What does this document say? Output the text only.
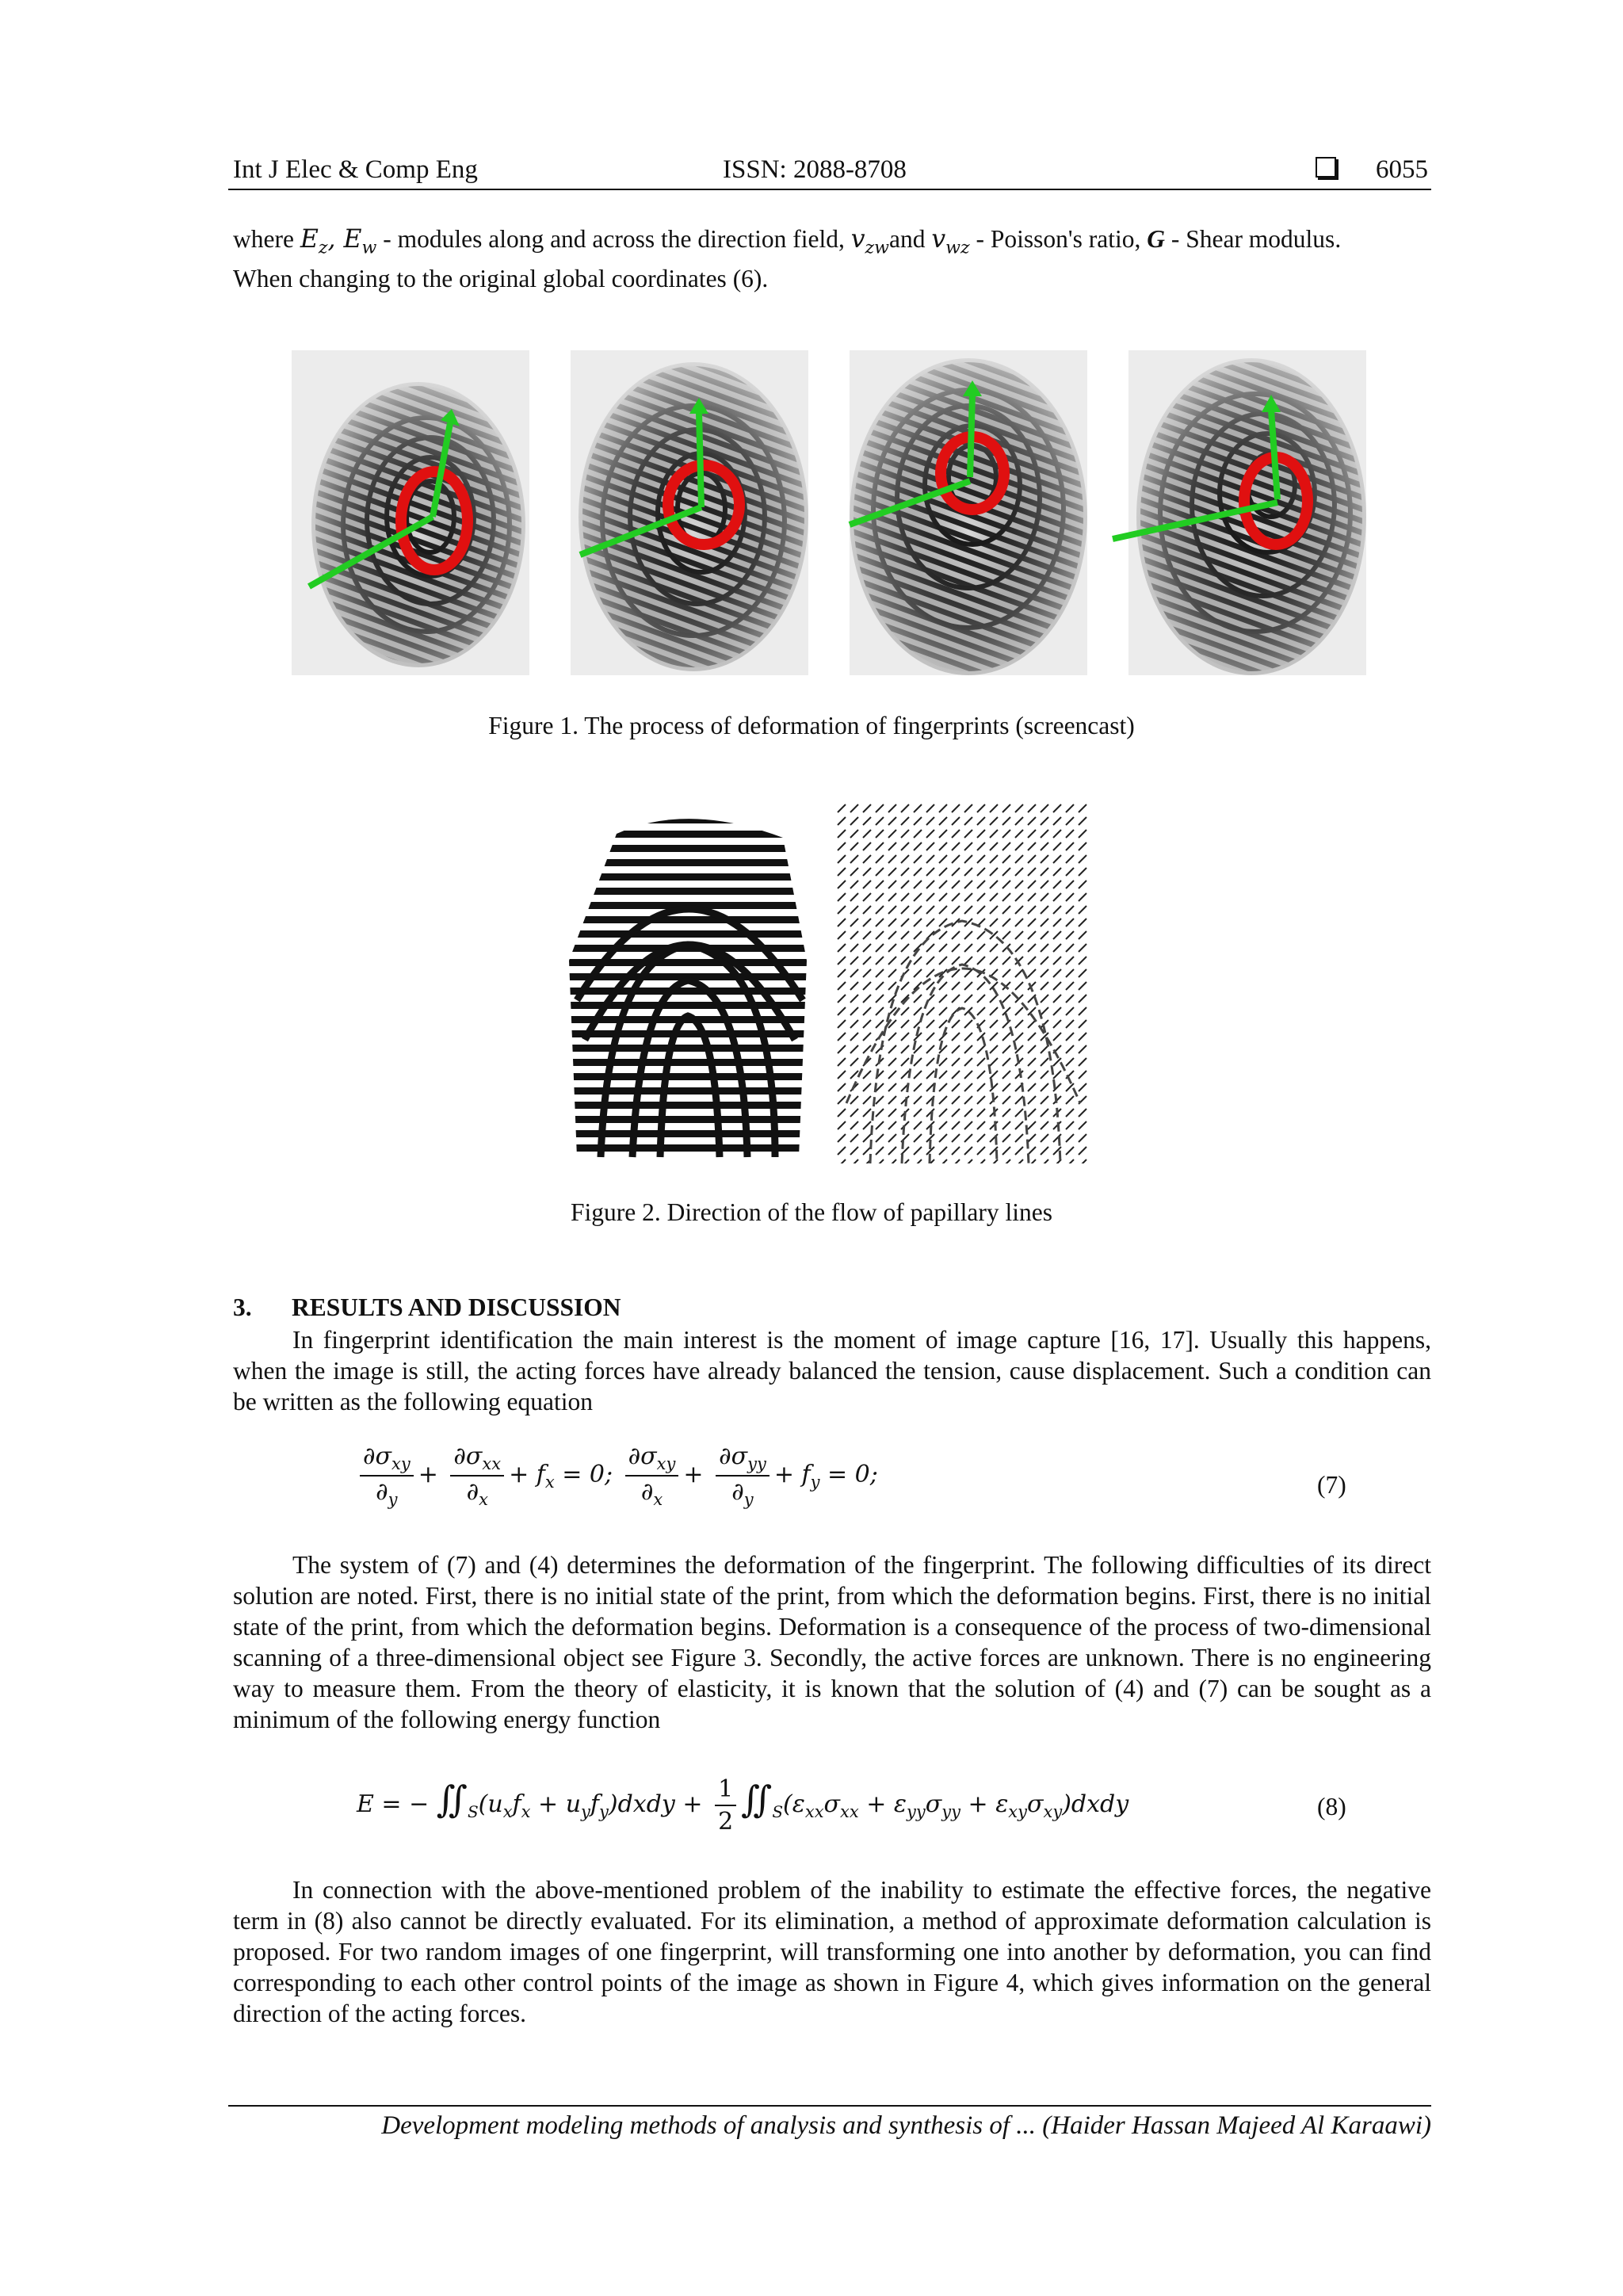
Int J Elec & Comp Eng	ISSN: 2088-8708	6055

where $E_z$, $E_w$ - modules along and across the direction field, $v_{zw}and$ $v_{wz}$ - Poisson's ratio, G - Shear modulus.

When changing to the original global coordinates (6).

Figure 1. The process of deformation of fingerprints (screencast)
Figure 2. Direction of the flow of papillary lines
3. RESULTS AND DISCUSSION

In fingerprint identification the main interest is the moment of image capture [16, 17]. Usually this happens, when the image is still, the acting forces have already balanced the tension, cause displacement. Such a condition can be written as the following equation

$\frac{\partial\sigma_{xy}}{\partial_y} + \frac{\partial\sigma_{xx}}{\partial_x} + f_x = 0$; $\frac{\partial\sigma_{xy}}{\partial_x} + \frac{\partial\sigma_{yy}}{\partial_y} + f_y = 0$;	(7)

The system of (7) and (4) determines the deformation of the fingerprint. The following difficulties of its direct solution are noted. First, there is no initial state of the print, from which the deformation begins. First, there is no initial state of the print, from which the deformation begins. Deformation is a consequence of the process of two-dimensional scanning of a three-dimensional object see Figure 3. Secondly, the active forces are unknown. There is no engineering way to measure them. From the theory of elasticity, it is known that the solution of (4) and (7) can be sought as a minimum of the following energy function

E = − $∬_S(u_xf_x$ + $u_yf_y)dxdy + \frac{1}{2}$ $∬_S(\varepsilon_{xx}\sigma_{xx} + \varepsilon_{yy}\sigma_{yy}$ + $\varepsilon_{xy}\sigma_{xy})dxdy$	(8)

In connection with the above-mentioned problem of the inability to estimate the effective forces, the negative term in (8) also cannot be directly evaluated. For its elimination, a method of approximate deformation calculation is proposed. For two random images of one fingerprint, will transforming one into another by deformation, you can find corresponding to each other control points of the image as shown in Figure 4, which gives information on the general direction of the acting forces.

Development modeling methods of analysis and synthesis of ... (Haider Hassan Majeed Al Karaawi)
